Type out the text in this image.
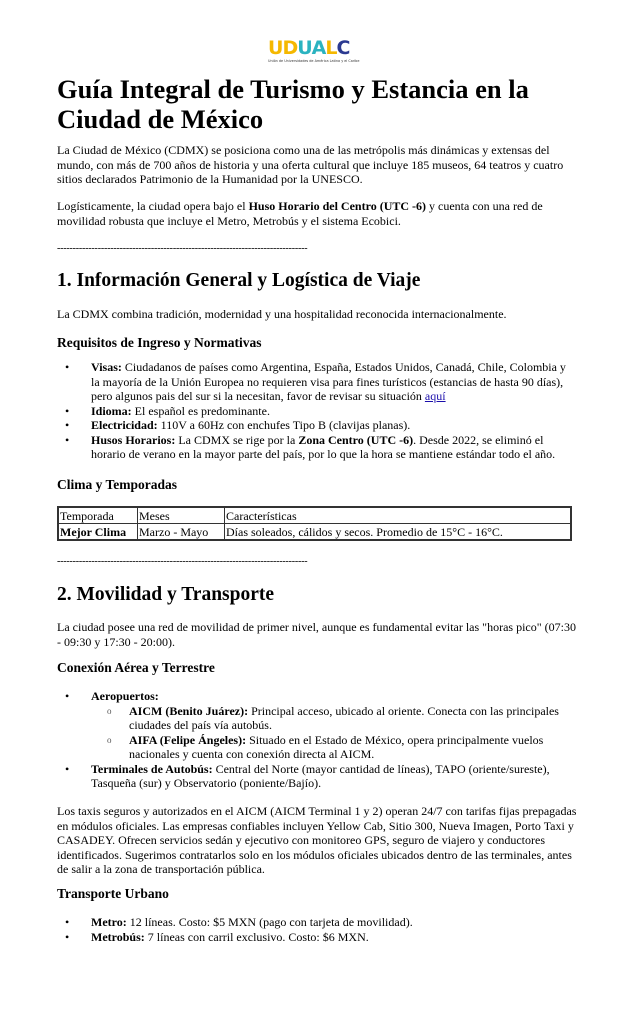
U D U A L C
Unión de Universidades de América Latina y el Caribe
Guía Integral de Turismo y Estancia en la Ciudad de México

La Ciudad de México (CDMX) se posiciona como una de las metrópolis más dinámicas y extensas del mundo, con más de 700 años de historia y una oferta cultural que incluye 185 museos, 64 teatros y cuatro sitios declarados Patrimonio de la Humanidad por la UNESCO.

Logísticamente, la ciudad opera bajo el Huso Horario del Centro (UTC -6) y cuenta con una red de movilidad robusta que incluye el Metro, Metrobús y el sistema Ecobici.

--------------------------------------------------------------------------------
1. Información General y Logística de Viaje

La CDMX combina tradición, modernidad y una hospitalidad reconocida internacionalmente.

Requisitos de Ingreso y Normativas
• Visas: Ciudadanos de países como Argentina, España, Estados Unidos, Canadá, Chile, Colombia y la mayoría de la Unión Europea no requieren visa para fines turísticos (estancias de hasta 90 días), pero algunos pais del sur si la necesitan, favor de revisar su situación aquí
• Idioma: El español es predominante.
• Electricidad: 110V a 60Hz con enchufes Tipo B (clavijas planas).
• Husos Horarios: La CDMX se rige por la Zona Centro (UTC -6). Desde 2022, se eliminó el horario de verano en la mayor parte del país, por lo que la hora se mantiene estándar todo el año.
Clima y Temporadas
Temporada	Meses	Características
Mejor Clima	Marzo - Mayo	Días soleados, cálidos y secos. Promedio de 15°C - 16°C.
--------------------------------------------------------------------------------
2. Movilidad y Transporte

La ciudad posee una red de movilidad de primer nivel, aunque es fundamental evitar las "horas pico" (07:30 - 09:30 y 17:30 - 20:00).

Conexión Aérea y Terrestre
• Aeropuertos:
o AICM (Benito Juárez): Principal acceso, ubicado al oriente. Conecta con las principales ciudades del país vía autobús.
o AIFA (Felipe Ángeles): Situado en el Estado de México, opera principalmente vuelos nacionales y cuenta con conexión directa al AICM.
• Terminales de Autobús: Central del Norte (mayor cantidad de líneas), TAPO (oriente/sureste), Tasqueña (sur) y Observatorio (poniente/Bajío).

Los taxis seguros y autorizados en el AICM (AICM Terminal 1 y 2) operan 24/7 con tarifas fijas prepagadas en módulos oficiales. Las empresas confiables incluyen Yellow Cab, Sitio 300, Nueva Imagen, Porto Taxi y CASADEY. Ofrecen servicios sedán y ejecutivo con monitoreo GPS, seguro de viajero y conductores identificados. Sugerimos contratarlos solo en los módulos oficiales ubicados dentro de las terminales, antes de salir a la zona de transportación pública.

Transporte Urbano
• Metro: 12 líneas. Costo: $5 MXN (pago con tarjeta de movilidad).
• Metrobús: 7 líneas con carril exclusivo. Costo: $6 MXN.
